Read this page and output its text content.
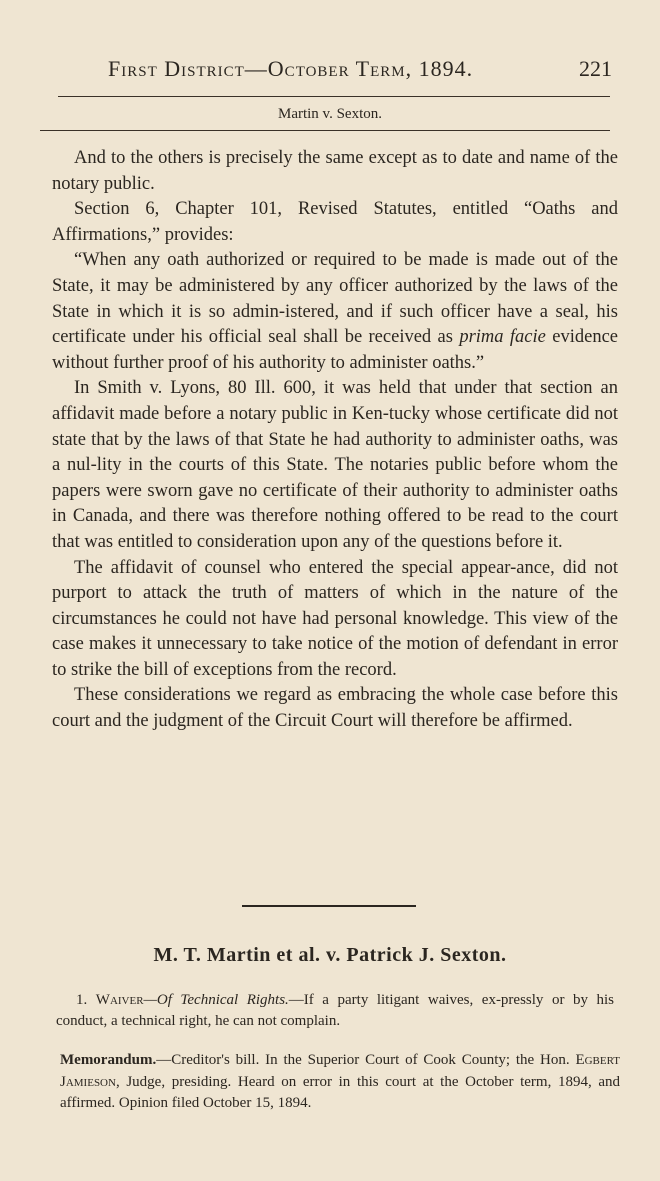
First District—October Term, 1894.	221
Martin v. Sexton.

And to the others is precisely the same except as to date and name of the notary public.

Section 6, Chapter 101, Revised Statutes, entitled “Oaths and Affirmations,” provides:

“When any oath authorized or required to be made is made out of the State, it may be administered by any officer authorized by the laws of the State in which it is so admin-istered, and if such officer have a seal, his certificate under his official seal shall be received as prima facie evidence without further proof of his authority to administer oaths.”

In Smith v. Lyons, 80 Ill. 600, it was held that under that section an affidavit made before a notary public in Ken-tucky whose certificate did not state that by the laws of that State he had authority to administer oaths, was a nul-lity in the courts of this State. The notaries public before whom the papers were sworn gave no certificate of their authority to administer oaths in Canada, and there was therefore nothing offered to be read to the court that was entitled to consideration upon any of the questions before it.

The affidavit of counsel who entered the special appear-ance, did not purport to attack the truth of matters of which in the nature of the circumstances he could not have had personal knowledge. This view of the case makes it unnecessary to take notice of the motion of defendant in error to strike the bill of exceptions from the record.

These considerations we regard as embracing the whole case before this court and the judgment of the Circuit Court will therefore be affirmed.

M. T. Martin et al. v. Patrick J. Sexton.

1. Waiver—Of Technical Rights.—If a party litigant waives, ex-pressly or by his conduct, a technical right, he can not complain.

Memorandum.—Creditor's bill. In the Superior Court of Cook County; the Hon. Egbert Jamieson, Judge, presiding. Heard on error in this court at the October term, 1894, and affirmed. Opinion filed October 15, 1894.
